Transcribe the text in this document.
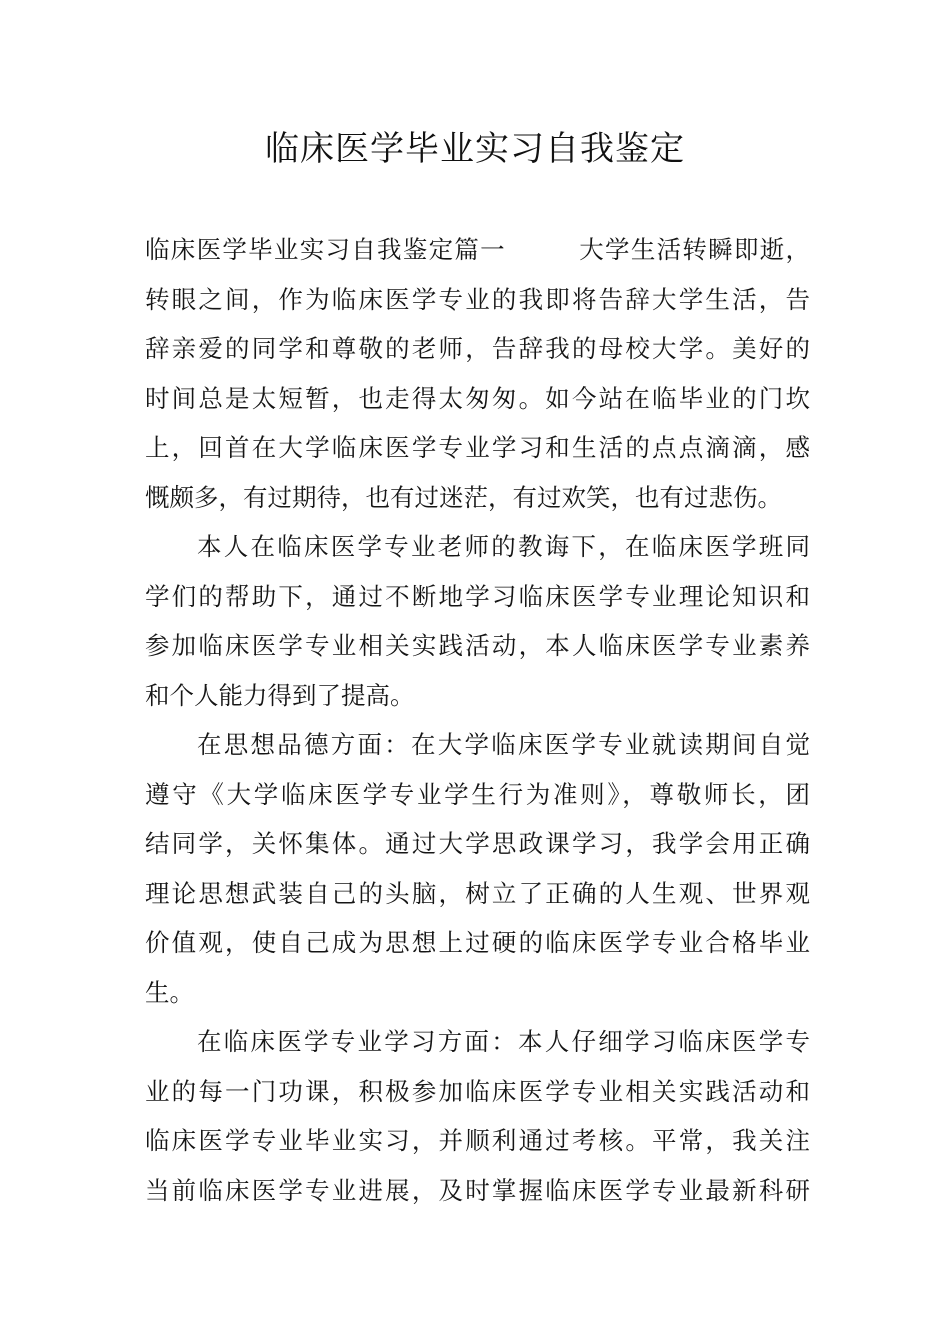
临床医学毕业实习自我鉴定
临床医学毕业实习自我鉴定篇一	大学生活转瞬即逝，
转眼之间，作为临床医学专业的我即将告辞大学生活，告
辞亲爱的同学和尊敬的老师，告辞我的母校大学。美好的
时间总是太短暂，也走得太匆匆。如今站在临毕业的门坎
上，回首在大学临床医学专业学习和生活的点点滴滴，感
慨颇多，有过期待，也有过迷茫，有过欢笑，也有过悲伤。
本人在临床医学专业老师的教诲下，在临床医学班同
学们的帮助下，通过不断地学习临床医学专业理论知识和
参加临床医学专业相关实践活动，本人临床医学专业素养
和个人能力得到了提高。
在思想品德方面：在大学临床医学专业就读期间自觉
遵守《大学临床医学专业学生行为准则》，尊敬师长，团
结同学，关怀集体。通过大学思政课学习，我学会用正确
理论思想武装自己的头脑，树立了正确的人生观、世界观
价值观，使自己成为思想上过硬的临床医学专业合格毕业
生。
在临床医学专业学习方面：本人仔细学习临床医学专
业的每一门功课，积极参加临床医学专业相关实践活动和
临床医学专业毕业实习，并顺利通过考核。平常，我关注
当前临床医学专业进展，及时掌握临床医学专业最新科研
